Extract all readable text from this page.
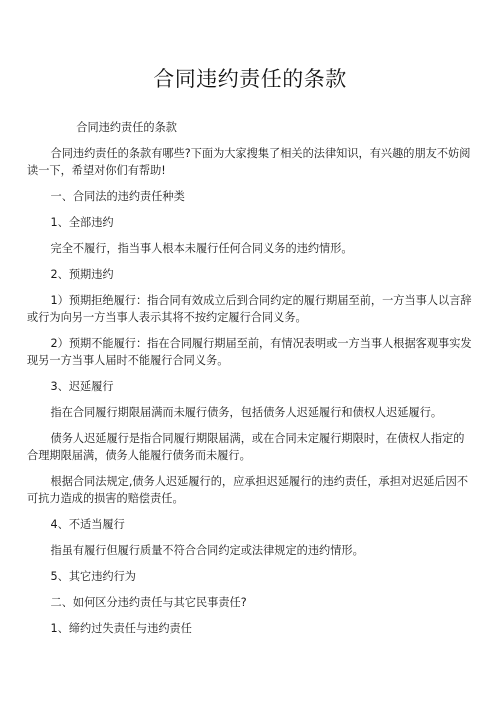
合同违约责任的条款

合同违约责任的条款

合同违约责任的条款有哪些?下面为大家搜集了相关的法律知识，有兴趣的朋友不妨阅读一下，希望对你们有帮助!

一、合同法的违约责任种类

1、全部违约

完全不履行，指当事人根本未履行任何合同义务的违约情形。

2、预期违约

1）预期拒绝履行：指合同有效成立后到合同约定的履行期届至前，一方当事人以言辞或行为向另一方当事人表示其将不按约定履行合同义务。

2）预期不能履行：指在合同履行期届至前，有情况表明或一方当事人根据客观事实发现另一方当事人届时不能履行合同义务。

3、迟延履行

指在合同履行期限届满而未履行债务，包括债务人迟延履行和债权人迟延履行。

债务人迟延履行是指合同履行期限届满，或在合同未定履行期限时，在债权人指定的合理期限届满，债务人能履行债务而未履行。

根据合同法规定,债务人迟延履行的，应承担迟延履行的违约责任，承担对迟延后因不可抗力造成的损害的赔偿责任。

4、不适当履行

指虽有履行但履行质量不符合合同约定或法律规定的违约情形。

5、其它违约行为

二、如何区分违约责任与其它民事责任?

1、缔约过失责任与违约责任
